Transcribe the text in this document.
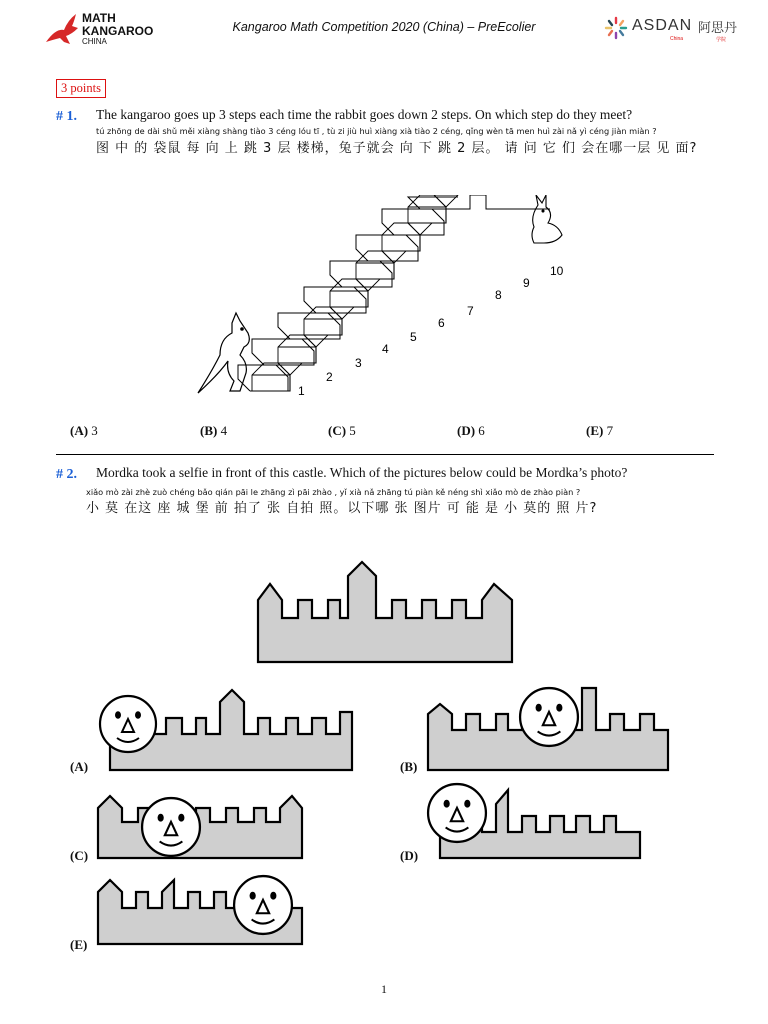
MATH
KANGAROO
CHINA
Kangaroo Math Competition 2020 (China) – PreEcolier	ASDAN 阿思丹
China	学院
3 points
# 1. The kangaroo goes up 3 steps each time the rabbit goes down 2 steps. On which step do they meet?
tú zhōng de dài shǔ měi xiàng shàng tiào 3 céng lóu tī , tù zi jiù huì xiàng xià tiào 2 céng, qǐng wèn tā men huì zài nǎ yì céng jiàn miàn ?
图 中 的 袋鼠 每 向 上 跳 3 层 楼梯，兔子就会 向 下 跳 2 层。 请 问 它 们 会在哪一层 见 面?
1
2
3
4
5
6
7
8
9
10
(A) 3	(B) 4	(C) 5	(D) 6	(E) 7
# 2. Mordka took a selfie in front of this castle. Which of the pictures below could be Mordka’s photo?
xiǎo mò zài zhè zuò chéng bǎo qián pāi le zhāng zì pāi zhào , yǐ xià nǎ zhāng tú piàn kě néng shì xiǎo mò de zhào piàn ?
小 莫 在这 座 城 堡 前 拍了 张 自拍 照。以下哪 张 图片 可 能 是 小 莫的 照 片?
(A)	(B)
(C)	(D)
(E)
1
